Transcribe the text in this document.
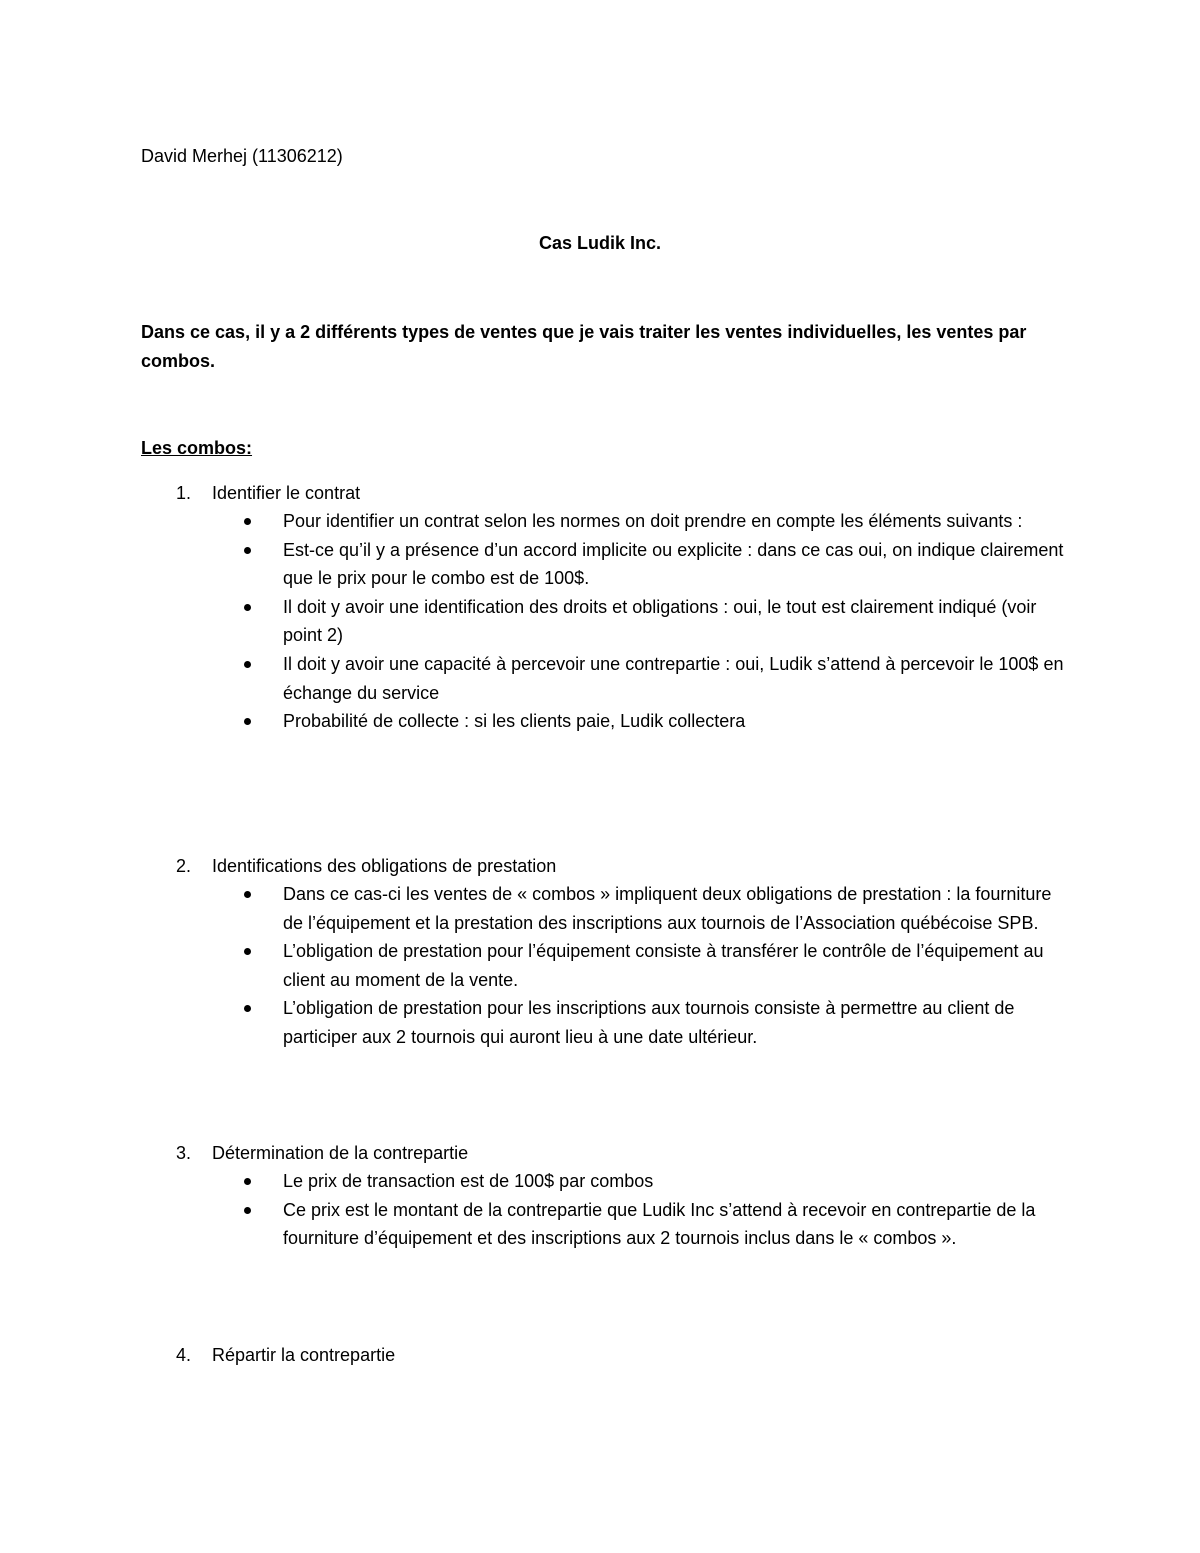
David Merhej (11306212)
Cas Ludik Inc.
Dans ce cas, il y a 2 différents types de ventes que je vais traiter les ventes individuelles, les ventes par combos.
Les combos:
1. Identifier le contrat
Pour identifier un contrat selon les normes on doit prendre en compte les éléments suivants :
Est-ce qu’il y a présence d’un accord implicite ou explicite : dans ce cas oui, on indique clairement que le prix pour le combo est de 100$.
Il doit y avoir une identification des droits et obligations : oui, le tout est clairement indiqué (voir point 2)
Il doit y avoir une capacité à percevoir une contrepartie : oui, Ludik s’attend à percevoir le 100$ en échange du service
Probabilité de collecte : si les clients paie, Ludik collectera
2. Identifications des obligations de prestation
Dans ce cas-ci les ventes de « combos » impliquent deux obligations de prestation : la fourniture de l’équipement et la prestation des inscriptions aux tournois de l’Association québécoise SPB.
L’obligation de prestation pour l’équipement consiste à transférer le contrôle de l’équipement au client au moment de la vente.
L’obligation de prestation pour les inscriptions aux tournois consiste à permettre au client de participer aux 2 tournois qui auront lieu à une date ultérieur.
3. Détermination de la contrepartie
Le prix de transaction est de 100$ par combos
Ce prix est le montant de la contrepartie que Ludik Inc s’attend à recevoir en contrepartie de la fourniture d’équipement et des inscriptions aux 2 tournois inclus dans le « combos ».
4. Répartir la contrepartie
